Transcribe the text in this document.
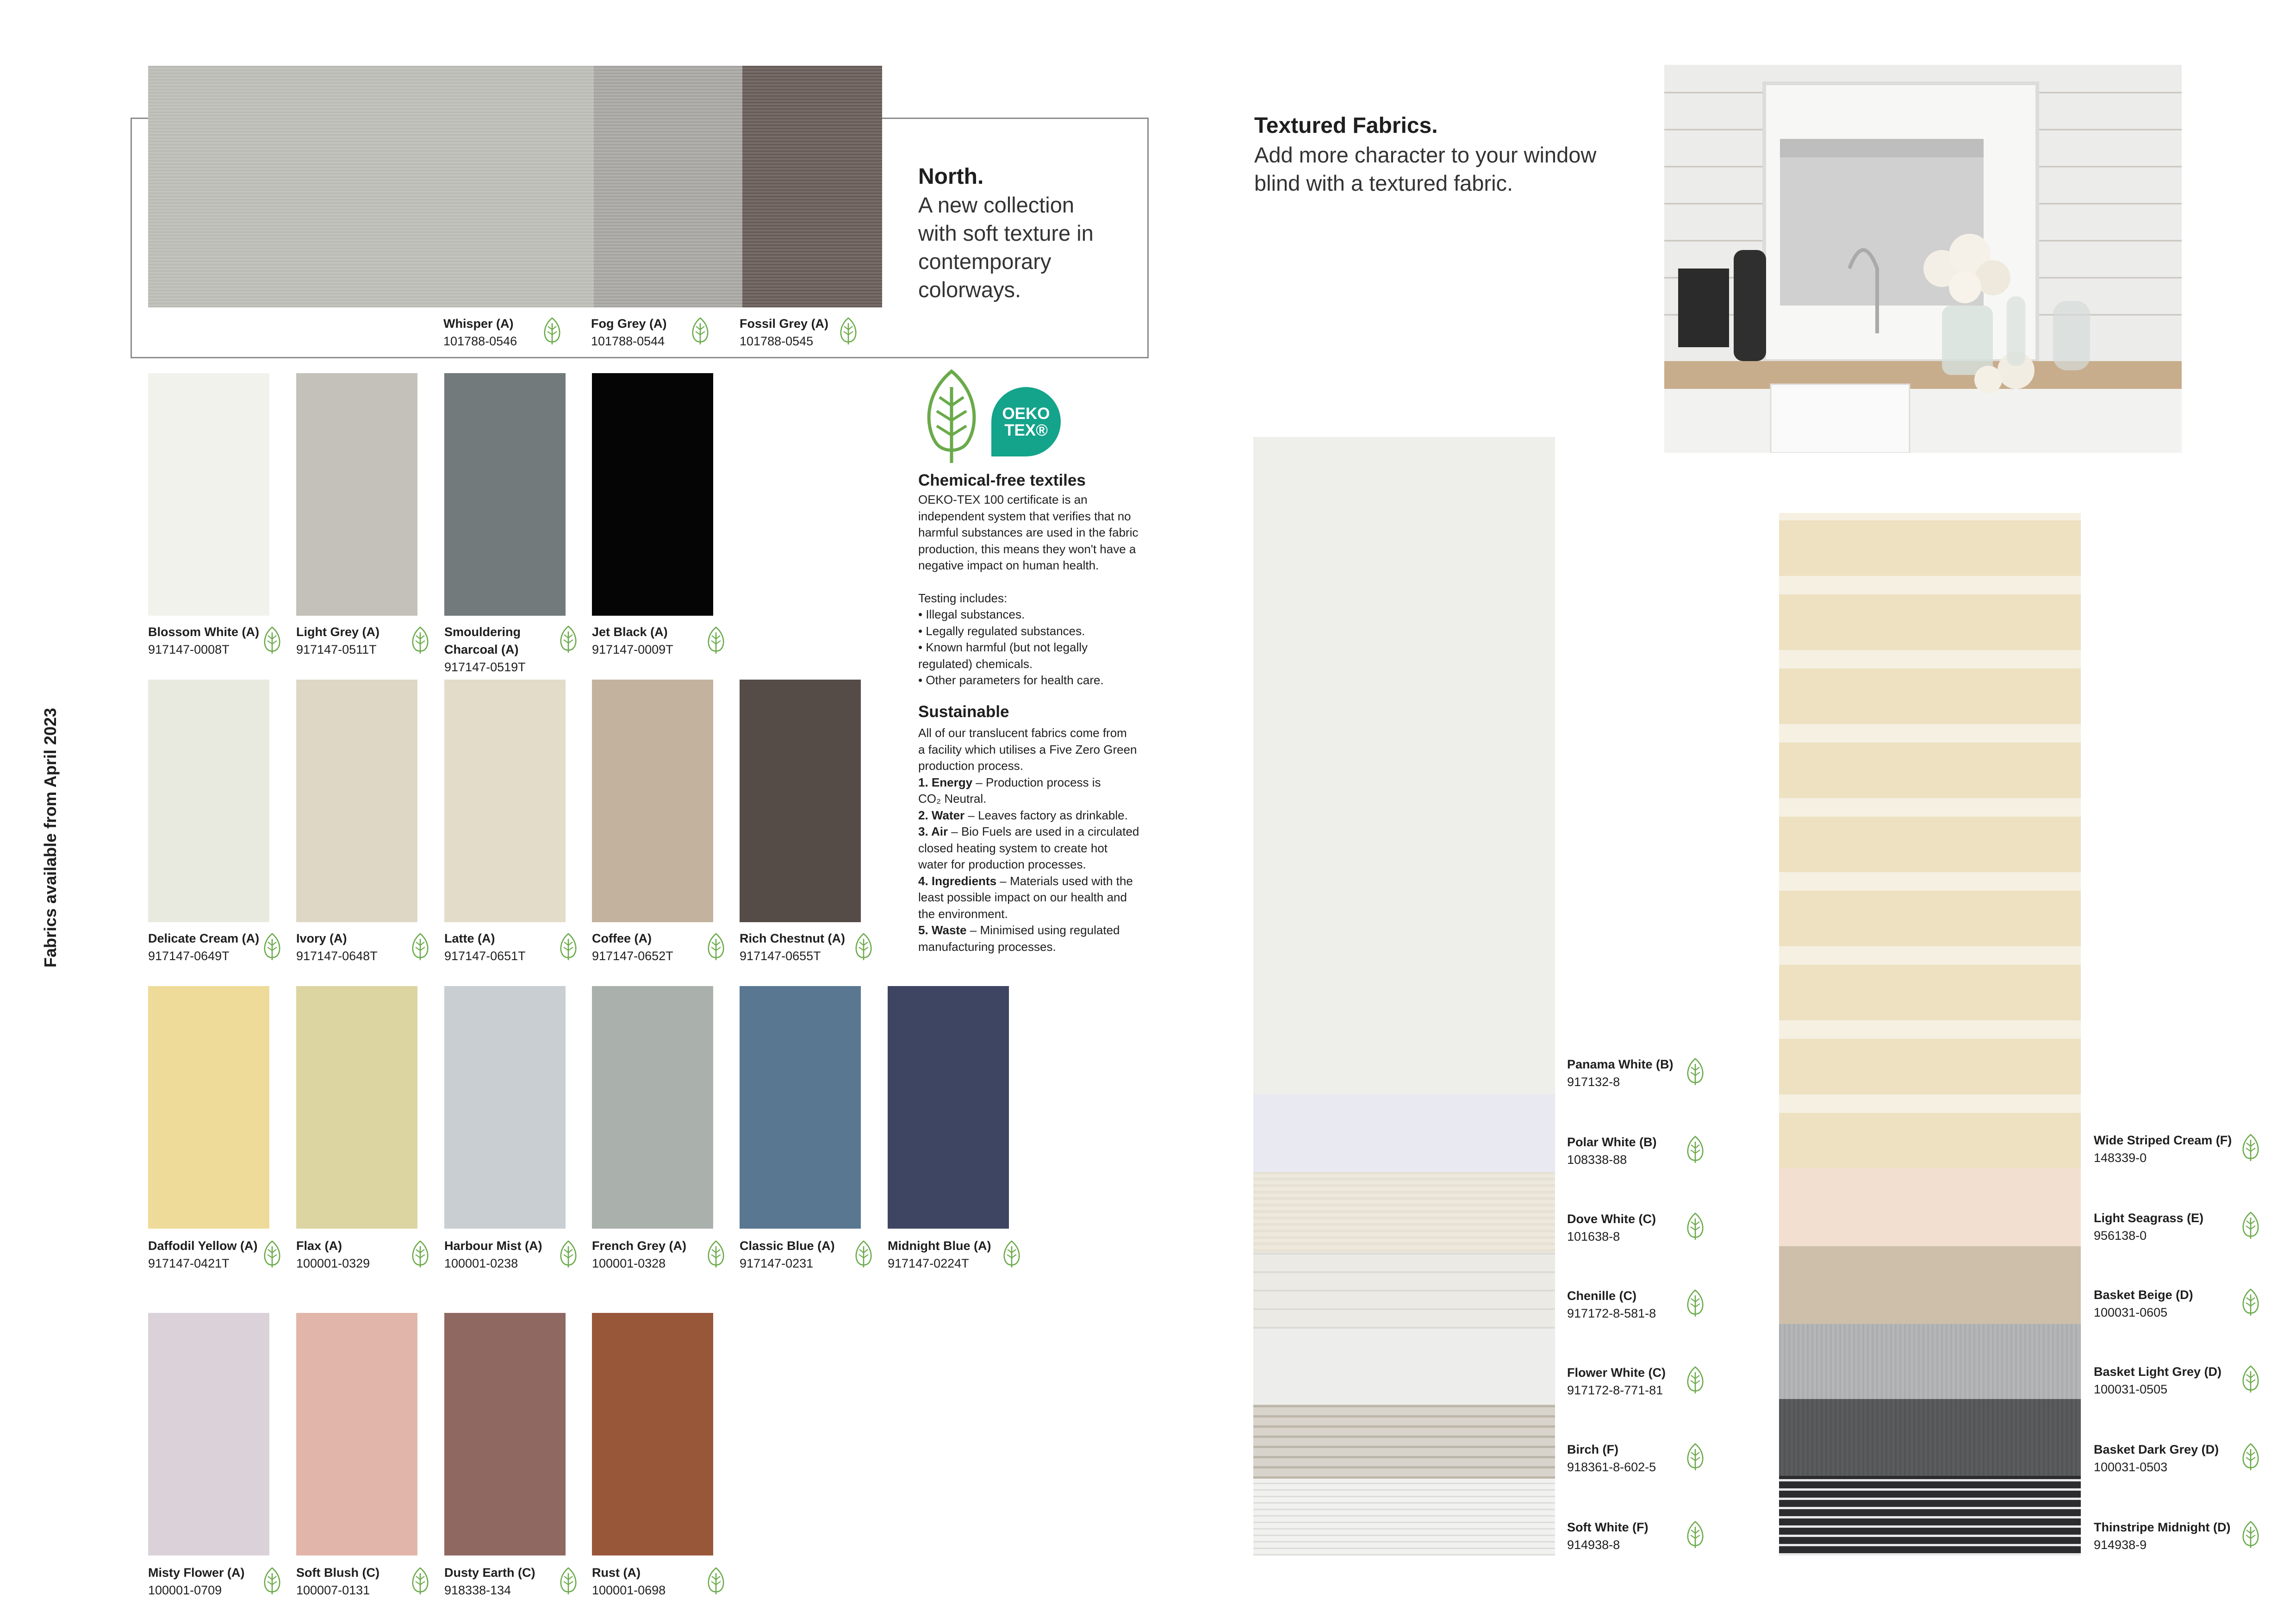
Fabrics available from April 2023
Whisper (A)
101788-0546
Fog Grey (A)
101788-0544
Fossil Grey (A)
101788-0545
North.
A new collection with soft texture in contemporary colorways.
Blossom White (A)
917147-0008T
Light Grey (A)
917147-0511T
Smouldering
Charcoal (A)
917147-0519T
Jet Black (A)
917147-0009T
Delicate Cream (A)
917147-0649T
Ivory (A)
917147-0648T
Latte (A)
917147-0651T
Coffee (A)
917147-0652T
Rich Chestnut (A)
917147-0655T
Daffodil Yellow (A)
917147-0421T
Flax (A)
100001-0329
Harbour Mist (A)
100001-0238
French Grey (A)
100001-0328
Classic Blue (A)
917147-0231
Midnight Blue (A)
917147-0224T
Misty Flower (A)
100001-0709
Soft Blush (C)
100007-0131
Dusty Earth (C)
918338-134
Rust (A)
100001-0698
OEKO
TEX®
Chemical-free textiles
OEKO-TEX 100 certificate is an
independent system that verifies that no
harmful substances are used in the fabric
production, this means they won't have a
negative impact on human health.
Testing includes:
• Illegal substances.
• Legally regulated substances.
• Known harmful (but not legally
regulated) chemicals.
• Other parameters for health care.
Sustainable
All of our translucent fabrics come from
a facility which utilises a Five Zero Green
production process.
1. Energy – Production process is
CO₂ Neutral.
2. Water – Leaves factory as drinkable.
3. Air – Bio Fuels are used in a circulated
closed heating system to create hot
water for production processes.
4. Ingredients – Materials used with the
least possible impact on our health and
the environment.
5. Waste – Minimised using regulated
manufacturing processes.
Textured Fabrics.
Add more character to your window
blind with a textured fabric.
Panama White (B)
917132-8
Polar White (B)
108338-88
Dove White (C)
101638-8
Chenille (C)
917172-8-581-8
Flower White (C)
917172-8-771-81
Birch (F)
918361-8-602-5
Soft White (F)
914938-8
Wide Striped Cream (F)
148339-0
Light Seagrass (E)
956138-0
Basket Beige (D)
100031-0605
Basket Light Grey (D)
100031-0505
Basket Dark Grey (D)
100031-0503
Thinstripe Midnight (D)
914938-9
